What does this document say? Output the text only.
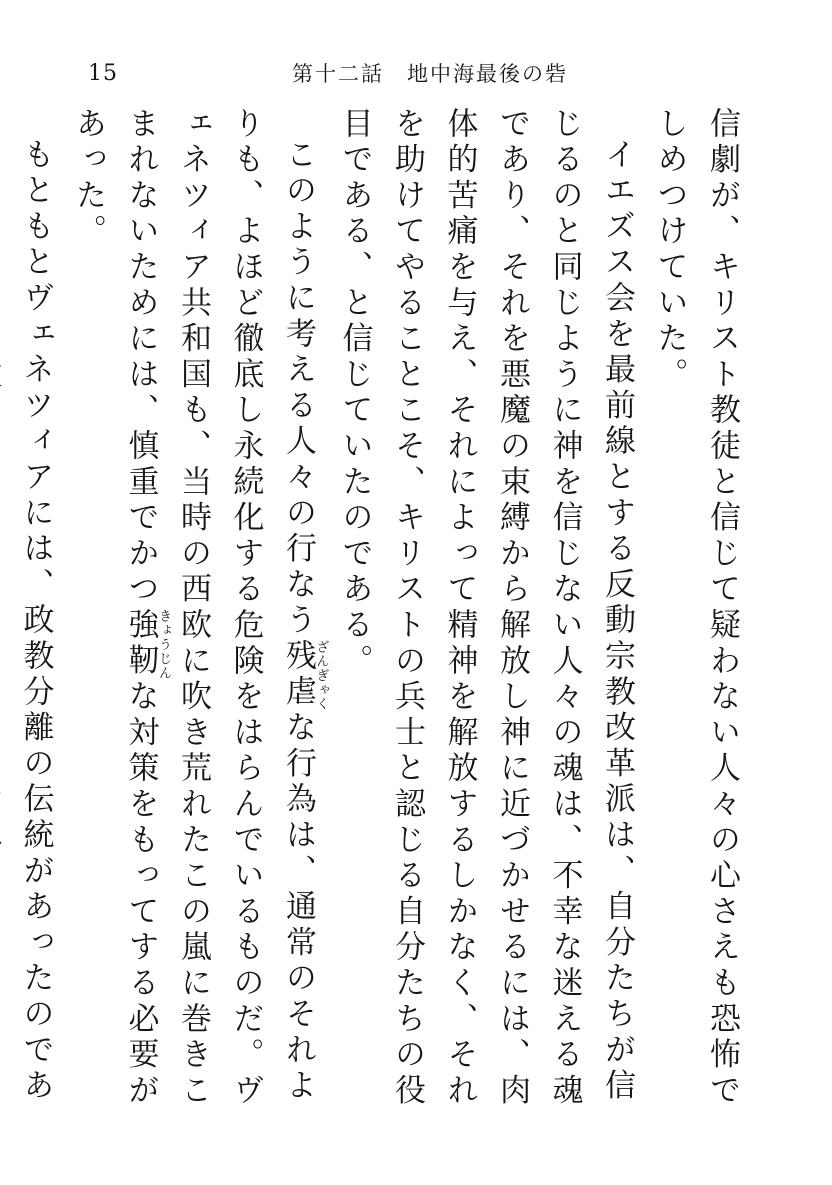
15	第十二話　地中海最後の砦

信劇が、キリスト教徒と信じて疑わない人々の心さえも恐怖でしめつけていた。

イエズス会を最前線とする反動宗教改革派は、自分たちが信じるのと同じように神を信じない人々の魂は、不幸な迷える魂であり、それを悪魔の束縛から解放し神に近づかせるには、肉体的苦痛を与え、それによって精神を解放するしかなく、それを助けてやることこそ、キリストの兵士と認じる自分たちの役目である、と信じていたのである。

このように考える人々の行なう残虐ざんぎゃくな行為は、通常のそれよりも、よほど徹底し永続化する危険をはらんでいるものだ。ヴェネツィア共和国も、当時の西欧に吹き荒れたこの嵐に巻きこまれないためには、慎重でかつ強靭きょうじんな対策をもってする必要があった。

もともとヴェネツィアには、政教分離の伝統があったのであ
